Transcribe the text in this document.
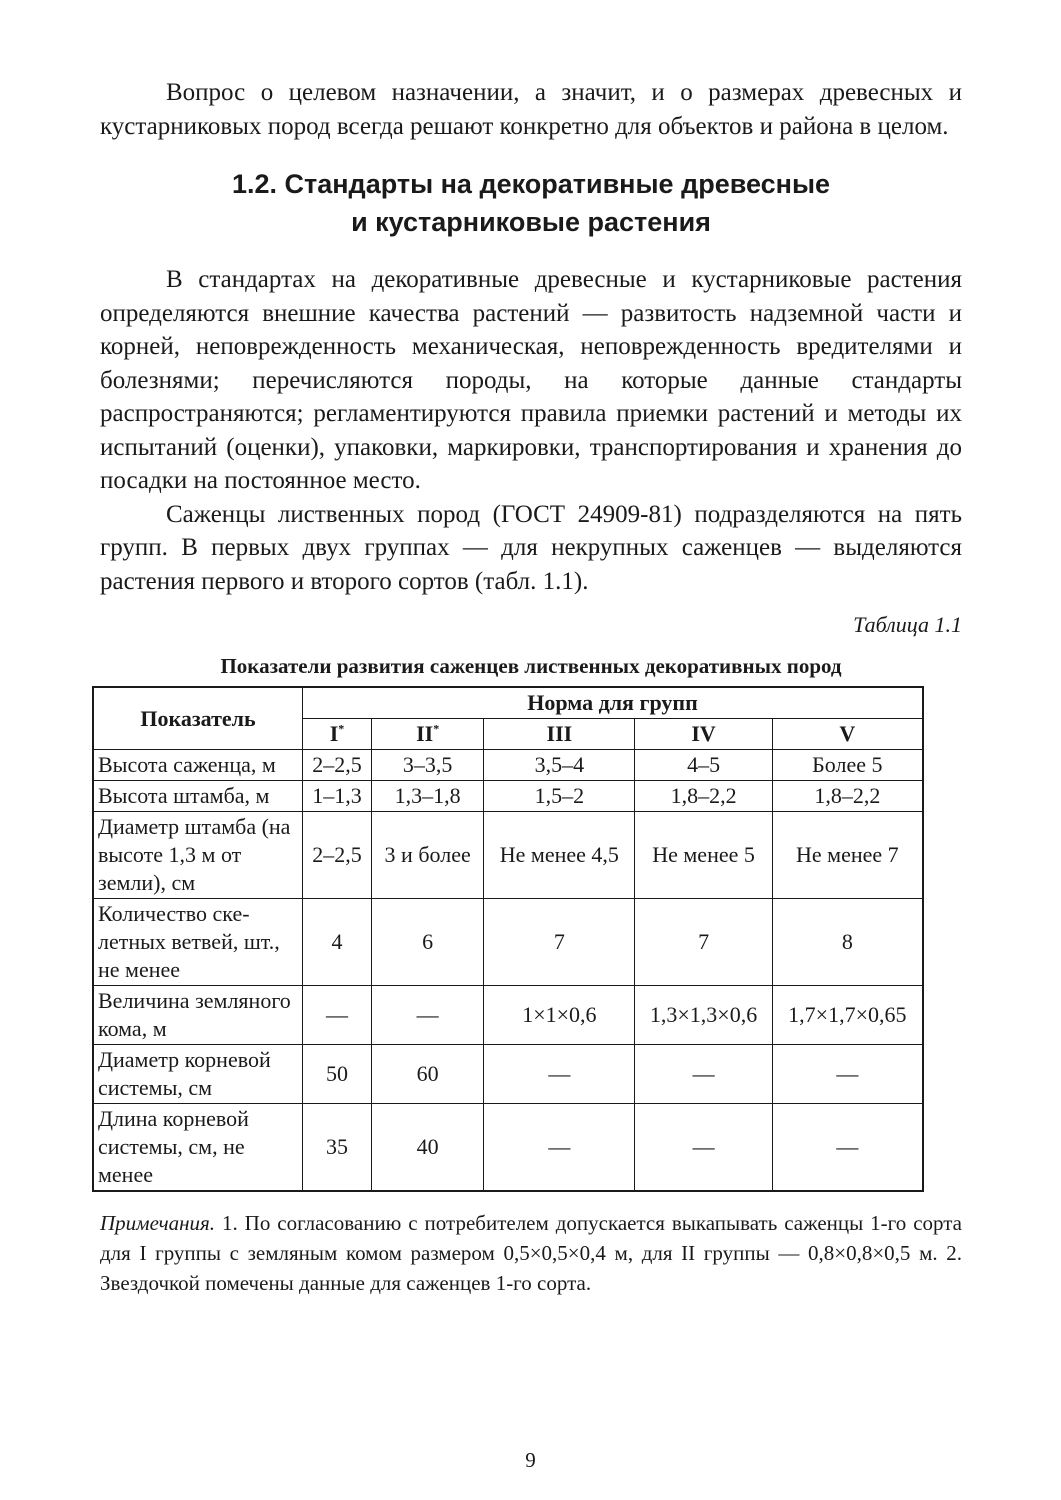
Вопрос о целевом назначении, а значит, и о размерах древесных и кустарниковых пород всегда решают конкретно для объектов и района в целом.

1.2. Стандарты на декоративные древесные
и кустарниковые растения

В стандартах на декоративные древесные и кустарниковые растения определяются внешние качества растений — развитость надземной части и корней, неповрежденность механическая, неповрежденность вредителями и болезнями; перечисляются породы, на которые данные стандарты распространяются; регламентируются правила приемки растений и методы их испытаний (оценки), упаковки, маркировки, транспортирования и хранения до посадки на постоянное место.

Саженцы лиственных пород (ГОСТ 24909-81) подразделяются на пять групп. В первых двух группах — для некрупных саженцев — выделяются растения первого и второго сортов (табл. 1.1).

Таблица 1.1
Показатели развития саженцев лиственных декоративных пород
Показатель	Норма для групп				
	I*	II*	III	IV	V
Высота саженца, м	2–2,5	3–3,5	3,5–4	4–5	Более 5
Высота штамба, м	1–1,3	1,3–1,8	1,5–2	1,8–2,2	1,8–2,2
Диаметр штамба (на высоте 1,3 м от земли), см	2–2,5	3 и более	Не менее 4,5	Не менее 5	Не менее 7
Количество скелетных ветвей, шт., не менее	4	6	7	7	8
Величина земляного кома, м	—	—	1×1×0,6	1,3×1,3×0,6	1,7×1,7×0,65
Диаметр корневой системы, см	50	60	—	—	—
Длина корневой системы, см, не менее	35	40	—	—	—
Примечания. 1. По согласованию с потребителем допускается выкапывать саженцы 1-го сорта для I группы с земляным комом размером 0,5×0,5×0,4 м, для II группы — 0,8×0,8×0,5 м. 2. Звездочкой помечены данные для саженцев 1-го сорта.
9
